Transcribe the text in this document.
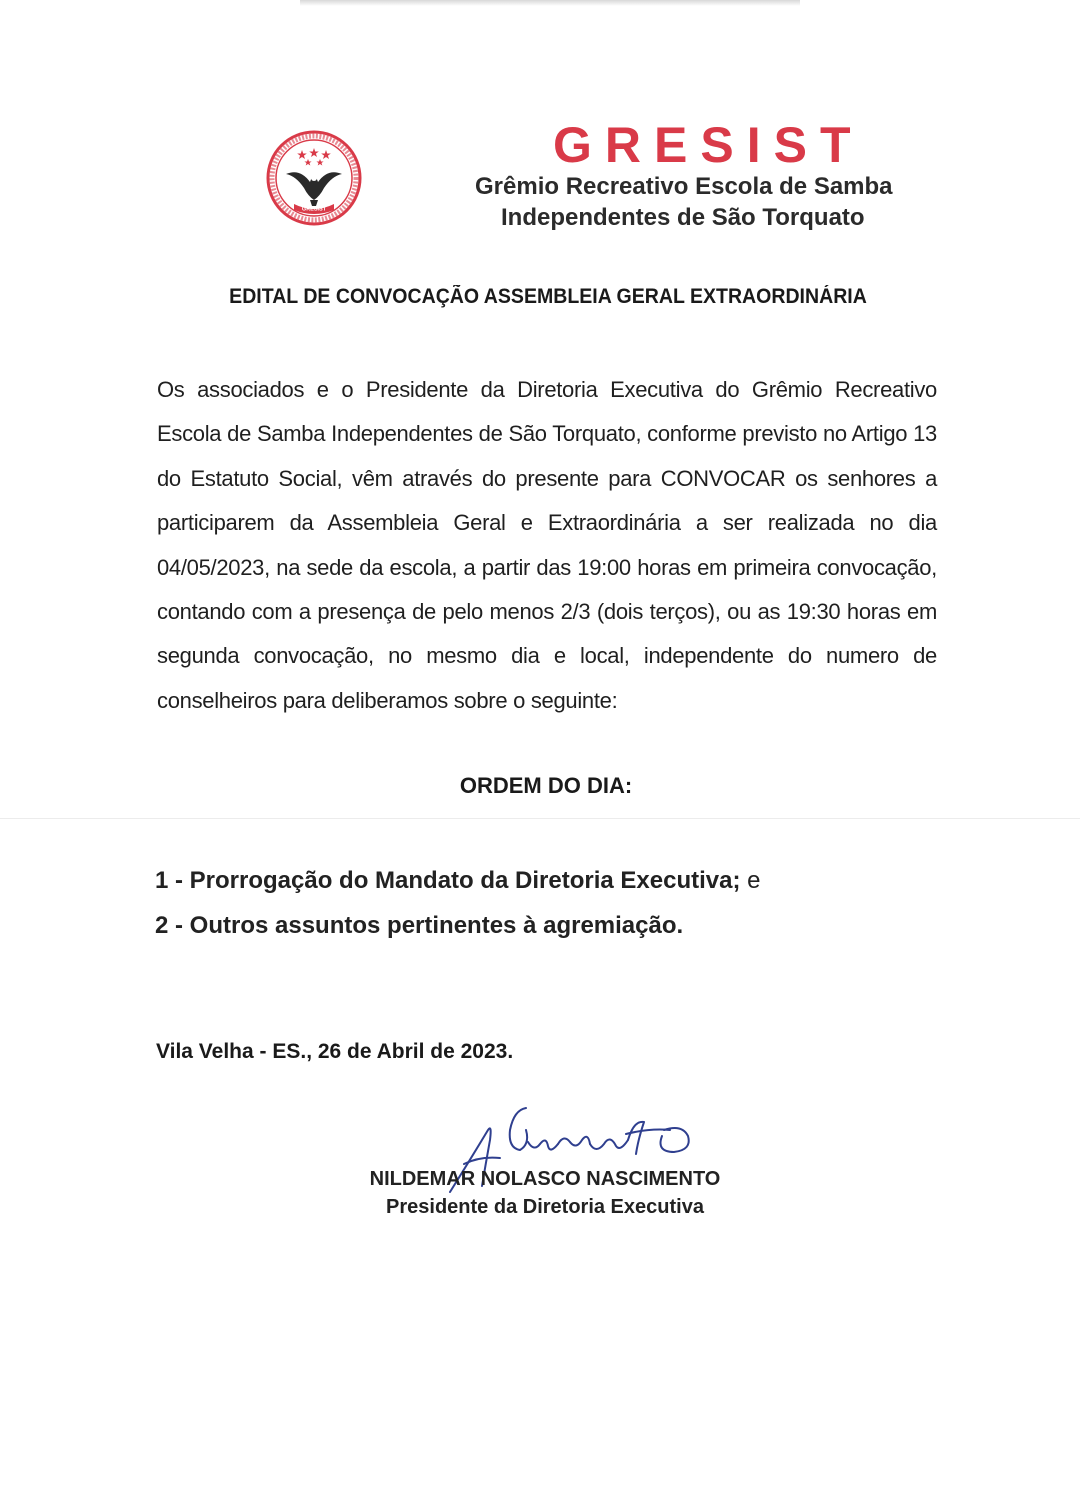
GRESIST
GRESIST
Grêmio Recreativo Escola de Samba
Independentes de São Torquato
EDITAL DE CONVOCAÇÃO ASSEMBLEIA GERAL EXTRAORDINÁRIA
Os associados e o Presidente da Diretoria Executiva do Grêmio Recreativo Escola de Samba Independentes de São Torquato, conforme previsto no Artigo 13 do Estatuto Social, vêm através do presente para CONVOCAR os senhores a participarem da Assembleia Geral e Extraordinária a ser realizada no dia 04/05/2023, na sede da escola, a partir das 19:00 horas em primeira convocação, contando com a presença de pelo menos 2/3 (dois terços), ou as 19:30 horas em segunda convocação, no mesmo dia e local, independente do numero de conselheiros para deliberamos sobre o seguinte:
ORDEM DO DIA:
1 - Prorrogação do Mandato da Diretoria Executiva; e
2 - Outros assuntos pertinentes à agremiação.
Vila Velha - ES., 26 de Abril de 2023.
NILDEMAR NOLASCO NASCIMENTO
Presidente da Diretoria Executiva
